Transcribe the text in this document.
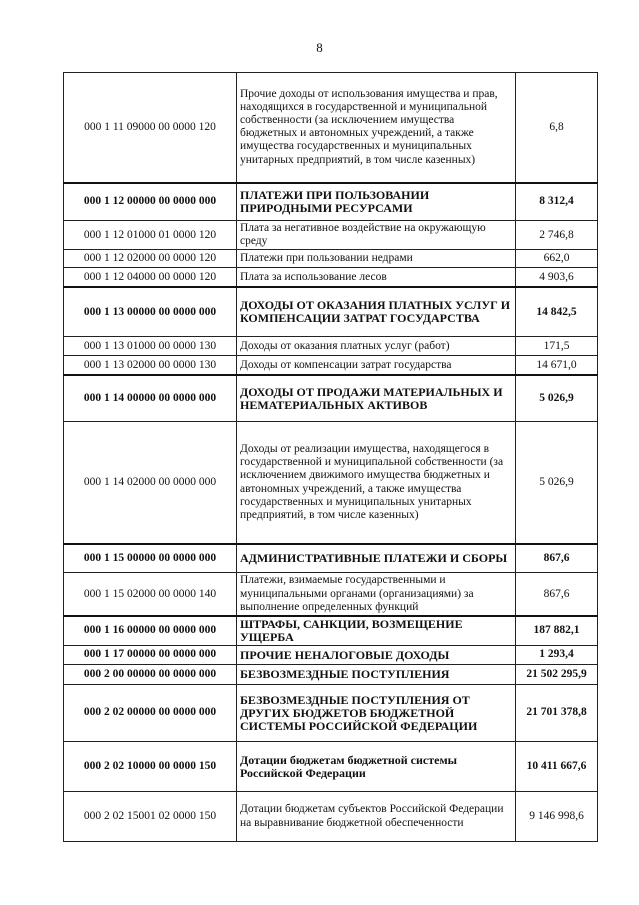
8
000 1 11 09000 00 0000 120	Прочие доходы от использования имущества и прав, находящихся в государственной и муниципальной собственности (за исключением имущества бюджетных и автономных учреждений, а также имущества государственных и муниципальных унитарных предприятий, в том числе казенных)	6,8
000 1 12 00000 00 0000 000	ПЛАТЕЖИ ПРИ ПОЛЬЗОВАНИИ ПРИРОДНЫМИ РЕСУРСАМИ	8 312,4
000 1 12 01000 01 0000 120	Плата за негативное воздействие на окружающую среду	2 746,8
000 1 12 02000 00 0000 120	Платежи при пользовании недрами	662,0
000 1 12 04000 00 0000 120	Плата за использование лесов	4 903,6
000 1 13 00000 00 0000 000	ДОХОДЫ ОТ ОКАЗАНИЯ ПЛАТНЫХ УСЛУГ И КОМПЕНСАЦИИ ЗАТРАТ ГОСУДАРСТВА	14 842,5
000 1 13 01000 00 0000 130	Доходы от оказания платных услуг (работ)	171,5
000 1 13 02000 00 0000 130	Доходы от компенсации затрат государства	14 671,0
000 1 14 00000 00 0000 000	ДОХОДЫ ОТ ПРОДАЖИ МАТЕРИАЛЬНЫХ И НЕМАТЕРИАЛЬНЫХ АКТИВОВ	5 026,9
000 1 14 02000 00 0000 000	Доходы от реализации имущества, находящегося в государственной и муниципальной собственности (за исключением движимого имущества бюджетных и автономных учреждений, а также имущества государственных и муниципальных унитарных предприятий, в том числе казенных)	5 026,9
000 1 15 00000 00 0000 000	АДМИНИСТРАТИВНЫЕ ПЛАТЕЖИ И СБОРЫ	867,6
000 1 15 02000 00 0000 140	Платежи, взимаемые государственными и муниципальными органами (организациями) за выполнение определенных функций	867,6
000 1 16 00000 00 0000 000	ШТРАФЫ, САНКЦИИ, ВОЗМЕЩЕНИЕ УЩЕРБА	187 882,1
000 1 17 00000 00 0000 000	ПРОЧИЕ НЕНАЛОГОВЫЕ ДОХОДЫ	1 293,4
000 2 00 00000 00 0000 000	БЕЗВОЗМЕЗДНЫЕ ПОСТУПЛЕНИЯ	21 502 295,9
000 2 02 00000 00 0000 000	БЕЗВОЗМЕЗДНЫЕ ПОСТУПЛЕНИЯ ОТ ДРУГИХ БЮДЖЕТОВ БЮДЖЕТНОЙ СИСТЕМЫ РОССИЙСКОЙ ФЕДЕРАЦИИ	21 701 378,8
000 2 02 10000 00 0000 150	Дотации бюджетам бюджетной системы Российской Федерации	10 411 667,6
000 2 02 15001 02 0000 150	Дотации бюджетам субъектов Российской Федерации на выравнивание бюджетной обеспеченности	9 146 998,6
